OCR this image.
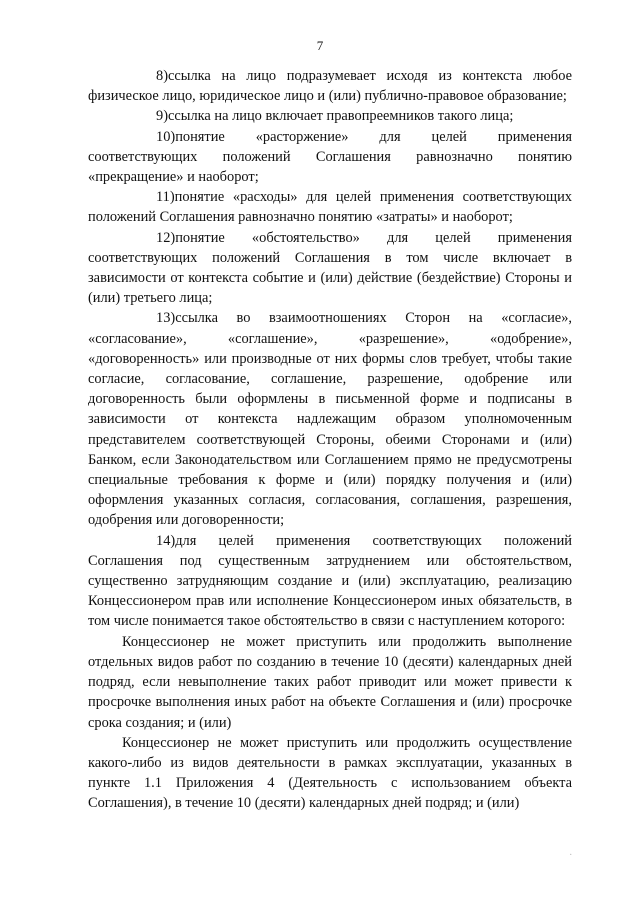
7

8)ссылка на лицо подразумевает исходя из контекста любое физическое лицо, юридическое лицо и (или) публично-правовое образование;

9)ссылка на лицо включает правопреемников такого лица;

10)понятие «расторжение» для целей применения соответствующих положений Соглашения равнозначно понятию «прекращение» и наоборот;

11)понятие «расходы» для целей применения соответствующих положений Соглашения равнозначно понятию «затраты» и наоборот;

12)понятие «обстоятельство» для целей применения соответствующих положений Соглашения в том числе включает в зависимости от контекста событие и (или) действие (бездействие) Стороны и (или) третьего лица;

13)ссылка во взаимоотношениях Сторон на «согласие», «согласование», «соглашение», «разрешение», «одобрение», «договоренность» или производные от них формы слов требует, чтобы такие согласие, согласование, соглашение, разрешение, одобрение или договоренность были оформлены в письменной форме и подписаны в зависимости от контекста надлежащим образом уполномоченным представителем соответствующей Стороны, обеими Сторонами и (или) Банком, если Законодательством или Соглашением прямо не предусмотрены специальные требования к форме и (или) порядку получения и (или) оформления указанных согласия, согласования, соглашения, разрешения, одобрения или договоренности;

14)для целей применения соответствующих положений Соглашения под существенным затруднением или обстоятельством, существенно затрудняющим создание и (или) эксплуатацию, реализацию Концессионером прав или исполнение Концессионером иных обязательств, в том числе понимается такое обстоятельство в связи с наступлением которого:

Концессионер не может приступить или продолжить выполнение отдельных видов работ по созданию в течение 10 (десяти) календарных дней подряд, если невыполнение таких работ приводит или может привести к просрочке выполнения иных работ на объекте Соглашения и (или) просрочке срока создания; и (или)

Концессионер не может приступить или продолжить осуществление какого-либо из видов деятельности в рамках эксплуатации, указанных в пункте 1.1 Приложения 4 (Деятельность с использованием объекта Соглашения), в течение 10 (десяти) календарных дней подряд; и (или)

.
